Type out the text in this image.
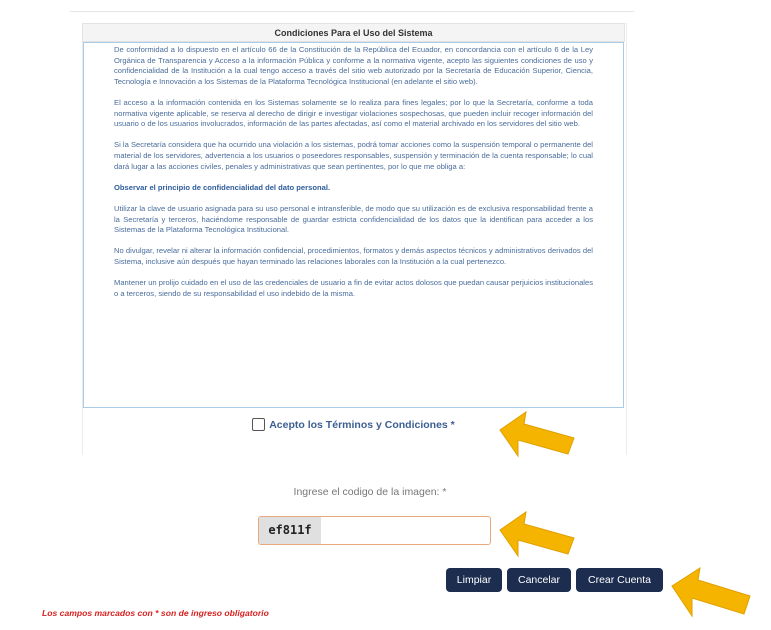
Condiciones Para el Uso del Sistema

De conformidad a lo dispuesto en el artículo 66 de la Constitución de la República del Ecuador, en concordancia con el artículo 6 de la Ley Orgánica de Transparencia y Acceso a la información Pública y conforme a la normativa vigente, acepto las siguientes condiciones de uso y confidencialidad de la Institución a la cual tengo acceso a través del sitio web autorizado por la Secretaría de Educación Superior, Ciencia, Tecnología e Innovación a los Sistemas de la Plataforma Tecnológica Institucional (en adelante el sitio web).

El acceso a la información contenida en los Sistemas solamente se lo realiza para fines legales; por lo que la Secretaría, conforme a toda normativa vigente aplicable, se reserva al derecho de dirigir e investigar violaciones sospechosas, que pueden incluir recoger información del usuario o de los usuarios involucrados, información de las partes afectadas, así como el material archivado en los servidores del sitio web.

Si la Secretaría considera que ha ocurrido una violación a los sistemas, podrá tomar acciones como la suspensión temporal o permanente del material de los servidores, advertencia a los usuarios o poseedores responsables, suspensión y terminación de la cuenta responsable; lo cual dará lugar a las acciones civiles, penales y administrativas que sean pertinentes, por lo que me obliga a:

Observar el principio de confidencialidad del dato personal.

Utilizar la clave de usuario asignada para su uso personal e intransferible, de modo que su utilización es de exclusiva responsabilidad frente a la Secretaría y terceros, haciéndome responsable de guardar estricta confidencialidad de los datos que la identifican para acceder a los Sistemas de la Plataforma Tecnológica Institucional.

No divulgar, revelar ni alterar la información confidencial, procedimientos, formatos y demás aspectos técnicos y administrativos derivados del Sistema, inclusive aún después que hayan terminado las relaciones laborales con la Institución a la cual pertenezco.

Mantener un prolijo cuidado en el uso de las credenciales de usuario a fin de evitar actos dolosos que puedan causar perjuicios institucionales o a terceros, siendo de su responsabilidad el uso indebido de la misma.

Acepto los Términos y Condiciones *
Ingrese el codigo de la imagen: *
ef811f
Limpiar	Cancelar	Crear Cuenta
Los campos marcados con * son de ingreso obligatorio
